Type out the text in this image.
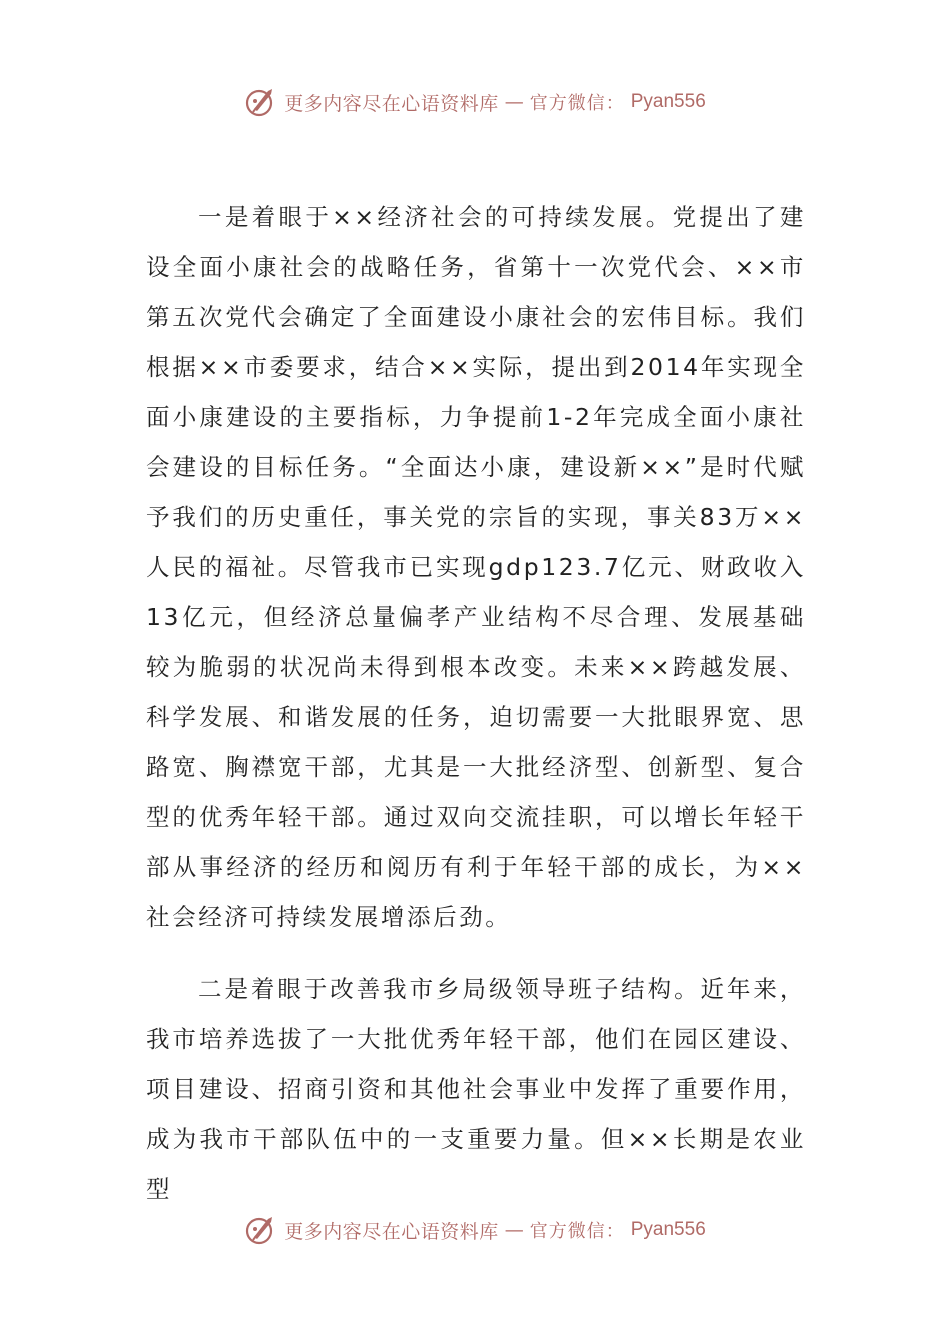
更多内容尽在心语资料库 — 官方微信： Pyan556

一是着眼于××经济社会的可持续发展。党提出了建设全面小康社会的战略任务，省第十一次党代会、××市第五次党代会确定了全面建设小康社会的宏伟目标。我们根据××市委要求，结合××实际，提出到2014年实现全面小康建设的主要指标，力争提前1-2年完成全面小康社会建设的目标任务。“全面达小康，建设新××”是时代赋予我们的历史重任，事关党的宗旨的实现，事关83万××人民的福祉。尽管我市已实现gdp123.7亿元、财政收入13亿元，但经济总量偏孝产业结构不尽合理、发展基础较为脆弱的状况尚未得到根本改变。未来××跨越发展、科学发展、和谐发展的任务，迫切需要一大批眼界宽、思路宽、胸襟宽干部，尤其是一大批经济型、创新型、复合型的优秀年轻干部。通过双向交流挂职，可以增长年轻干部从事经济的经历和阅历有利于年轻干部的成长，为××社会经济可持续发展增添后劲。

二是着眼于改善我市乡局级领导班子结构。近年来，我市培养选拔了一大批优秀年轻干部，他们在园区建设、项目建设、招商引资和其他社会事业中发挥了重要作用，成为我市干部队伍中的一支重要力量。但××长期是农业型

更多内容尽在心语资料库 — 官方微信： Pyan556
